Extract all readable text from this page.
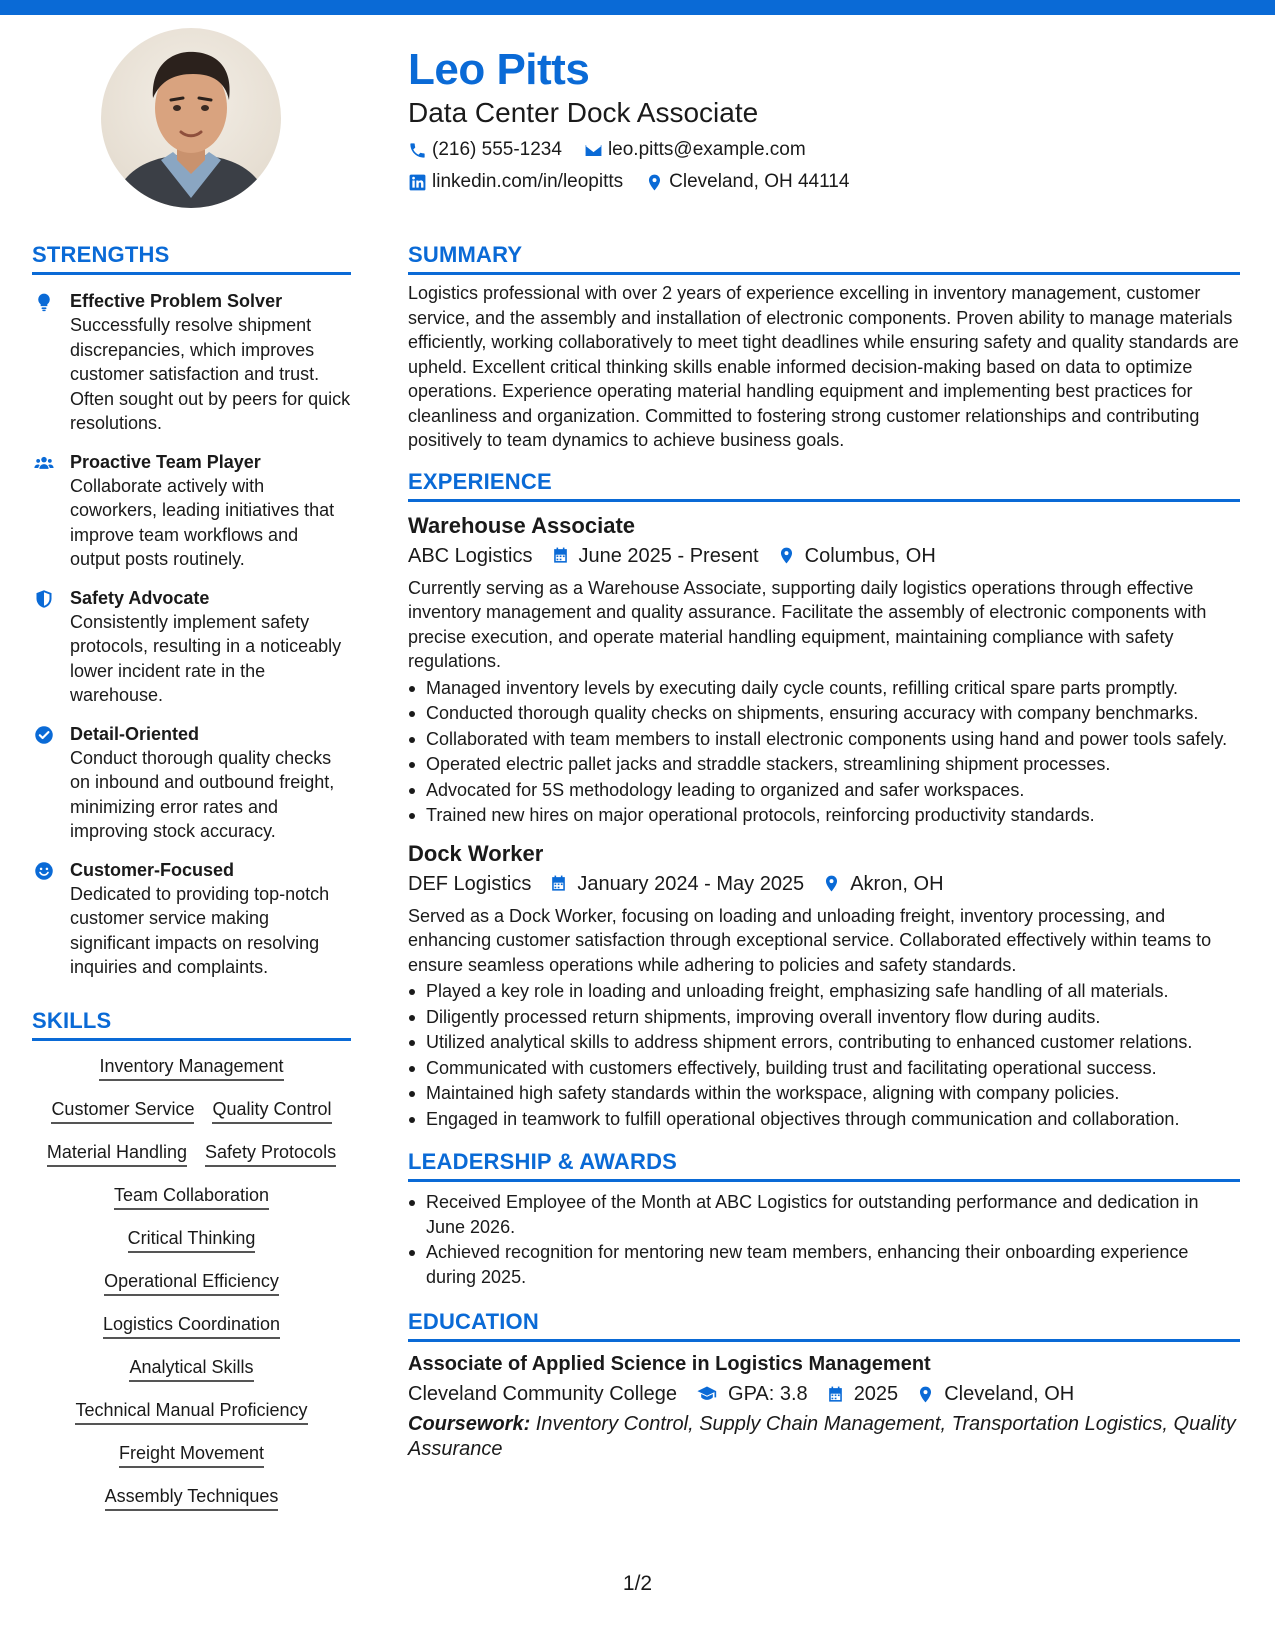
Leo Pitts
Data Center Dock Associate
(216) 555-1234 leo.pitts@example.com
linkedin.com/in/leopitts Cleveland, OH 44114
STRENGTHS
Effective Problem Solver
Successfully resolve shipment discrepancies, which improves customer satisfaction and trust. Often sought out by peers for quick resolutions.
Proactive Team Player
Collaborate actively with coworkers, leading initiatives that improve team workflows and output posts routinely.
Safety Advocate
Consistently implement safety protocols, resulting in a noticeably lower incident rate in the warehouse.
Detail-Oriented
Conduct thorough quality checks on inbound and outbound freight, minimizing error rates and improving stock accuracy.
Customer-Focused
Dedicated to providing top-notch customer service making significant impacts on resolving inquiries and complaints.
SKILLS
Inventory Management
Customer Service Quality Control
Material Handling Safety Protocols
Team Collaboration
Critical Thinking
Operational Efficiency
Logistics Coordination
Analytical Skills
Technical Manual Proficiency
Freight Movement
Assembly Techniques
SUMMARY
Logistics professional with over 2 years of experience excelling in inventory management, customer service, and the assembly and installation of electronic components. Proven ability to manage materials efficiently, working collaboratively to meet tight deadlines while ensuring safety and quality standards are upheld. Excellent critical thinking skills enable informed decision-making based on data to optimize operations. Experience operating material handling equipment and implementing best practices for cleanliness and organization. Committed to fostering strong customer relationships and contributing positively to team dynamics to achieve business goals.
EXPERIENCE
Warehouse Associate
ABC Logistics June 2025 - Present Columbus, OH
Currently serving as a Warehouse Associate, supporting daily logistics operations through effective inventory management and quality assurance. Facilitate the assembly of electronic components with precise execution, and operate material handling equipment, maintaining compliance with safety regulations.
Managed inventory levels by executing daily cycle counts, refilling critical spare parts promptly.
Conducted thorough quality checks on shipments, ensuring accuracy with company benchmarks.
Collaborated with team members to install electronic components using hand and power tools safely.
Operated electric pallet jacks and straddle stackers, streamlining shipment processes.
Advocated for 5S methodology leading to organized and safer workspaces.
Trained new hires on major operational protocols, reinforcing productivity standards.
Dock Worker
DEF Logistics January 2024 - May 2025 Akron, OH
Served as a Dock Worker, focusing on loading and unloading freight, inventory processing, and enhancing customer satisfaction through exceptional service. Collaborated effectively within teams to ensure seamless operations while adhering to policies and safety standards.
Played a key role in loading and unloading freight, emphasizing safe handling of all materials.
Diligently processed return shipments, improving overall inventory flow during audits.
Utilized analytical skills to address shipment errors, contributing to enhanced customer relations.
Communicated with customers effectively, building trust and facilitating operational success.
Maintained high safety standards within the workspace, aligning with company policies.
Engaged in teamwork to fulfill operational objectives through communication and collaboration.
LEADERSHIP & AWARDS
Received Employee of the Month at ABC Logistics for outstanding performance and dedication in June 2026.
Achieved recognition for mentoring new team members, enhancing their onboarding experience during 2025.
EDUCATION
Associate of Applied Science in Logistics Management
Cleveland Community College	GPA: 3.8 2025 Cleveland, OH
Coursework: Inventory Control, Supply Chain Management, Transportation Logistics, Quality Assurance
1/2
